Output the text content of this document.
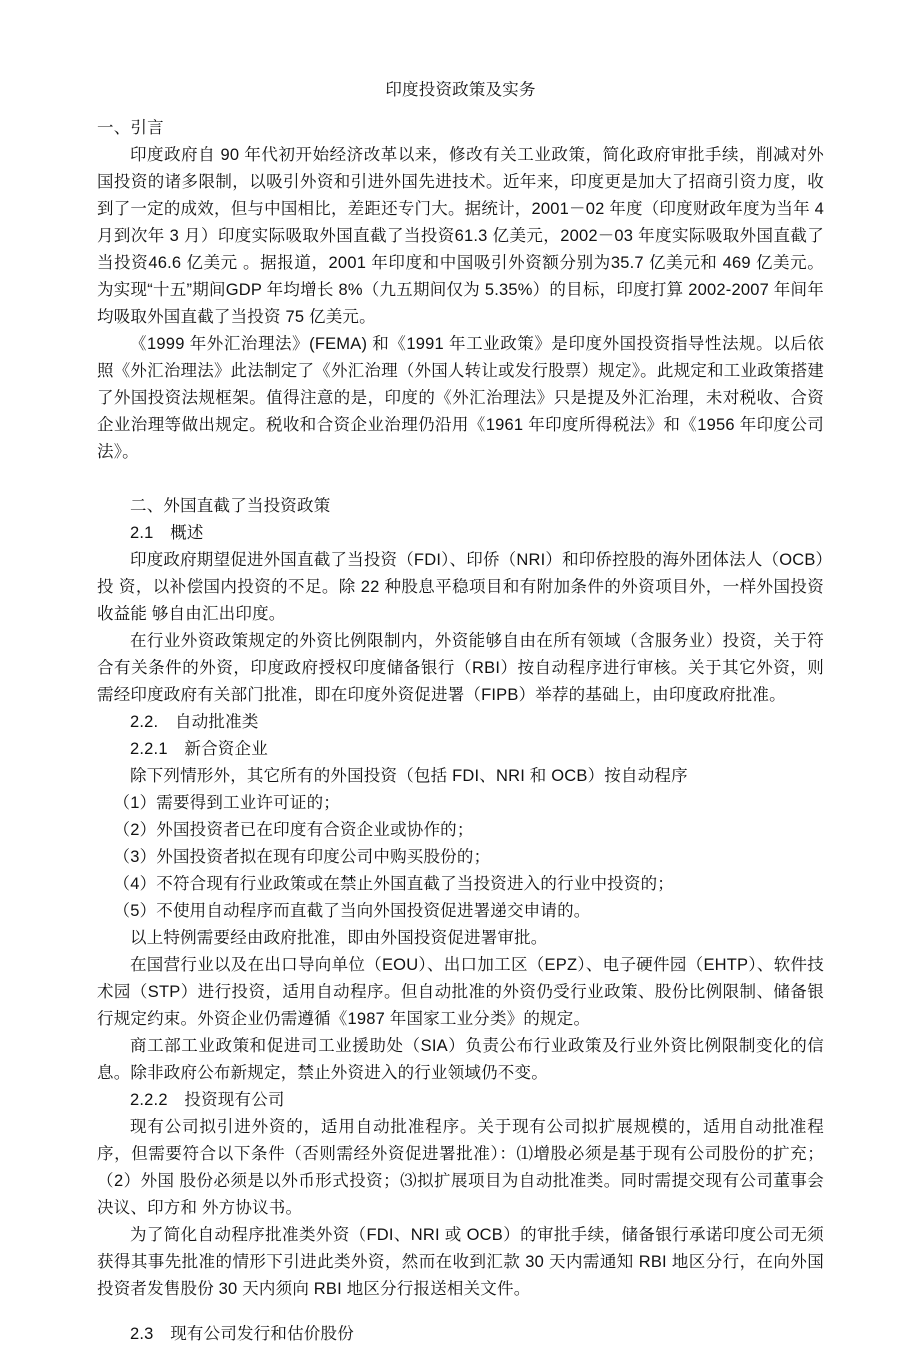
印度投资政策及实务

一、引言

印度政府自 90 年代初开始经济改革以来，修改有关工业政策，简化政府审批手续，削减对外国投资的诸多限制，以吸引外资和引进外国先进技术。近年来，印度更是加大了招商引资力度，收到了一定的成效，但与中国相比，差距还专门大。据统计，2001－02 年度（印度财政年度为当年 4 月到次年 3 月）印度实际吸取外国直截了当投资61.3 亿美元，2002－03 年度实际吸取外国直截了当投资46.6 亿美元 。据报道，2001 年印度和中国吸引外资额分别为35.7 亿美元和 469 亿美元。为实现“十五”期间GDP 年均增长 8%（九五期间仅为 5.35%）的目标，印度打算 2002-2007 年间年均吸取外国直截了当投资 75 亿美元。

《1999 年外汇治理法》(FEMA) 和《1991 年工业政策》是印度外国投资指导性法规。以后依照《外汇治理法》此法制定了《外汇治理（外国人转让或发行股票）规定》。此规定和工业政策搭建了外国投资法规框架。值得注意的是，印度的《外汇治理法》只是提及外汇治理，未对税收、合资企业治理等做出规定。税收和合资企业治理仍沿用《1961 年印度所得税法》和《1956 年印度公司法》。

二、外国直截了当投资政策

2.1　概述

印度政府期望促进外国直截了当投资（FDI）、印侨（NRI）和印侨控股的海外团体法人（OCB）投 资，以补偿国内投资的不足。除 22 种股息平稳项目和有附加条件的外资项目外，一样外国投资收益能 够自由汇出印度。

在行业外资政策规定的外资比例限制内，外资能够自由在所有领域（含服务业）投资，关于符合有关条件的外资，印度政府授权印度储备银行（RBI）按自动程序进行审核。关于其它外资，则需经印度政府有关部门批准，即在印度外资促进署（FIPB）举荐的基础上，由印度政府批准。

2.2.　自动批准类

2.2.1　新合资企业

除下列情形外，其它所有的外国投资（包括 FDI、NRI 和 OCB）按自动程序

（1）需要得到工业许可证的；

（2）外国投资者已在印度有合资企业或协作的；

（3）外国投资者拟在现有印度公司中购买股份的；

（4）不符合现有行业政策或在禁止外国直截了当投资进入的行业中投资的；

（5）不使用自动程序而直截了当向外国投资促进署递交申请的。

以上特例需要经由政府批准，即由外国投资促进署审批。

在国营行业以及在出口导向单位（EOU）、出口加工区（EPZ）、电子硬件园（EHTP）、软件技术园（STP）进行投资，适用自动程序。但自动批准的外资仍受行业政策、股份比例限制、储备银行规定约束。外资企业仍需遵循《1987 年国家工业分类》的规定。

商工部工业政策和促进司工业援助处（SIA）负责公布行业政策及行业外资比例限制变化的信息。除非政府公布新规定，禁止外资进入的行业领域仍不变。

2.2.2　投资现有公司

现有公司拟引进外资的，适用自动批准程序。关于现有公司拟扩展规模的，适用自动批准程序，但需要符合以下条件（否则需经外资促进署批准）：⑴增股必须是基于现有公司股份的扩充；（2）外国 股份必须是以外币形式投资；⑶拟扩展项目为自动批准类。同时需提交现有公司董事会决议、印方和 外方协议书。

为了简化自动程序批准类外资（FDI、NRI 或 OCB）的审批手续，储备银行承诺印度公司无须获得其事先批准的情形下引进此类外资，然而在收到汇款 30 天内需通知 RBI 地区分行，在向外国投资者发售股份 30 天内须向 RBI 地区分行报送相关文件。

2.3　现有公司发行和估价股份
